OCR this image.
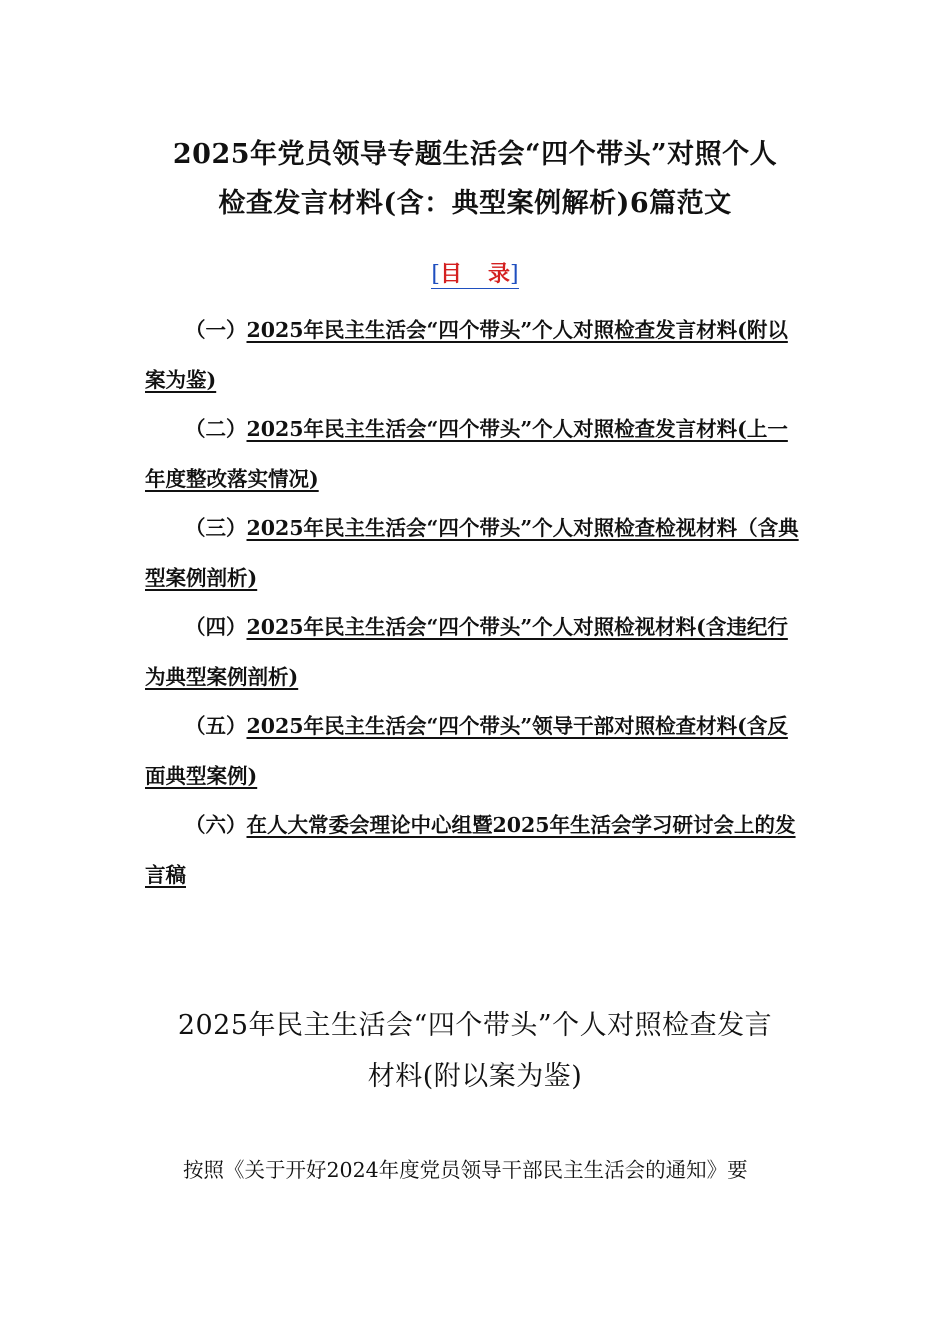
2025年党员领导专题生活会“四个带头”对照个人
检查发言材料(含：典型案例解析)6篇范文
[目 录]

（一）2025年民主生活会“四个带头”个人对照检查发言材料(附以案为鉴)

（二）2025年民主生活会“四个带头”个人对照检查发言材料(上一年度整改落实情况)

（三）2025年民主生活会“四个带头”个人对照检查检视材料（含典型案例剖析)

（四）2025年民主生活会“四个带头”个人对照检视材料(含违纪行为典型案例剖析)

（五）2025年民主生活会“四个带头”领导干部对照检查材料(含反面典型案例)

（六）在人大常委会理论中心组暨2025年生活会学习研讨会上的发言稿

2025年民主生活会“四个带头”个人对照检查发言
材料(附以案为鉴)

按照《关于开好2024年度党员领导干部民主生活会的通知》要
